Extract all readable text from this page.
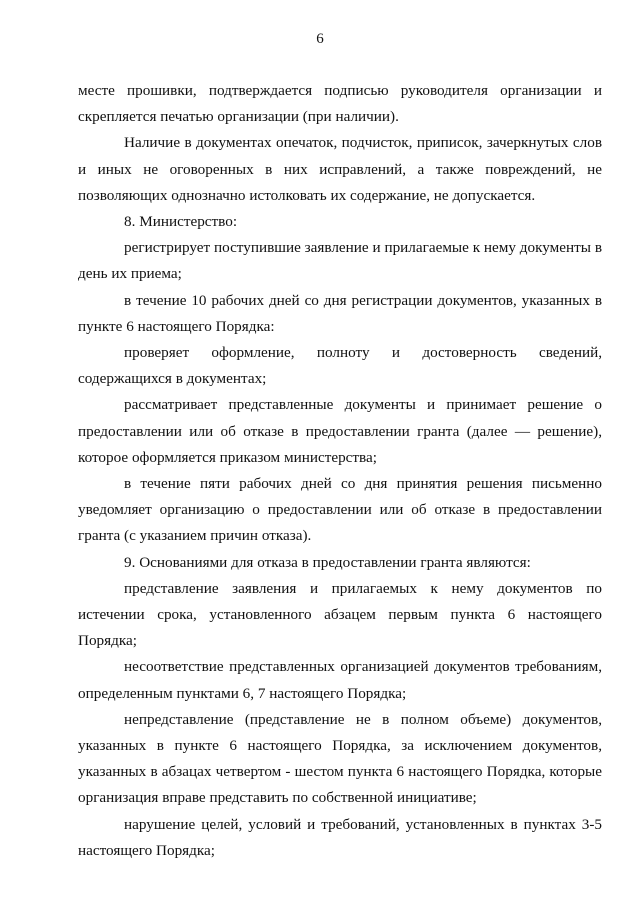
6

месте прошивки, подтверждается подписью руководителя организации и скрепляется печатью организации (при наличии).

Наличие в документах опечаток, подчисток, приписок, зачеркнутых слов и иных не оговоренных в них исправлений, а также повреждений, не позволяющих однозначно истолковать их содержание, не допускается.

8. Министерство:

регистрирует поступившие заявление и прилагаемые к нему документы в день их приема;

в течение 10 рабочих дней со дня регистрации документов, указанных в пункте 6 настоящего Порядка:

проверяет оформление, полноту и достоверность сведений, содержащихся в документах;

рассматривает представленные документы и принимает решение о предоставлении или об отказе в предоставлении гранта (далее — решение), которое оформляется приказом министерства;

в течение пяти рабочих дней со дня принятия решения письменно уведомляет организацию о предоставлении или об отказе в предоставлении гранта (с указанием причин отказа).

9. Основаниями для отказа в предоставлении гранта являются:

представление заявления и прилагаемых к нему документов по истечении срока, установленного абзацем первым пункта 6 настоящего Порядка;

несоответствие представленных организацией документов требованиям, определенным пунктами 6, 7 настоящего Порядка;

непредставление (представление не в полном объеме) документов, указанных в пункте 6 настоящего Порядка, за исключением документов, указанных в абзацах четвертом - шестом пункта 6 настоящего Порядка, которые организация вправе представить по собственной инициативе;

нарушение целей, условий и требований, установленных в пунктах 3-5 настоящего Порядка;
